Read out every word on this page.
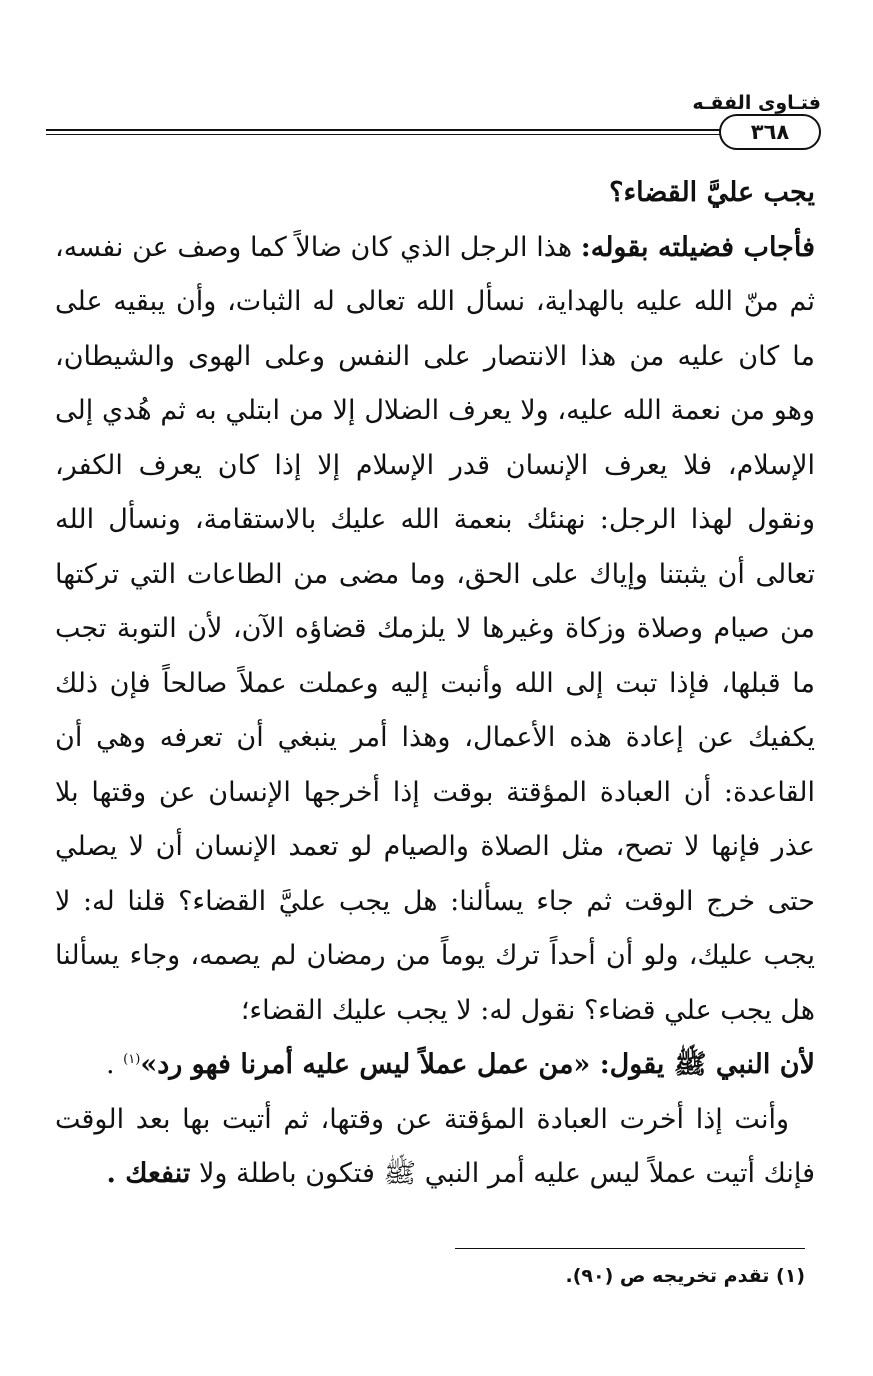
فتـاوى الفقـه
٣٦٨

يجب عليَّ القضاء؟

فأجاب فضيلته بقوله: هذا الرجل الذي كان ضالاً كما وصف عن نفسه، ثم منّ الله عليه بالهداية، نسأل الله تعالى له الثبات، وأن يبقيه على ما كان عليه من هذا الانتصار على النفس وعلى الهوى والشيطان، وهو من نعمة الله عليه، ولا يعرف الضلال إلا من ابتلي به ثم هُدي إلى الإسلام، فلا يعرف الإنسان قدر الإسلام إلا إذا كان يعرف الكفر، ونقول لهذا الرجل: نهنئك بنعمة الله عليك بالاستقامة، ونسأل الله تعالى أن يثبتنا وإياك على الحق، وما مضى من الطاعات التي تركتها من صيام وصلاة وزكاة وغيرها لا يلزمك قضاؤه الآن، لأن التوبة تجب ما قبلها، فإذا تبت إلى الله وأنبت إليه وعملت عملاً صالحاً فإن ذلك يكفيك عن إعادة هذه الأعمال، وهذا أمر ينبغي أن تعرفه وهي أن القاعدة: أن العبادة المؤقتة بوقت إذا أخرجها الإنسان عن وقتها بلا عذر فإنها لا تصح، مثل الصلاة والصيام لو تعمد الإنسان أن لا يصلي حتى خرج الوقت ثم جاء يسألنا: هل يجب عليَّ القضاء؟ قلنا له: لا يجب عليك، ولو أن أحداً ترك يوماً من رمضان لم يصمه، وجاء يسألنا هل يجب علي قضاء؟ نقول له: لا يجب عليك القضاء؛

لأن النبي ﷺ يقول: «من عمل عملاً ليس عليه أمرنا فهو رد»$^{(١)}$ .

وأنت إذا أخرت العبادة المؤقتة عن وقتها، ثم أتيت بها بعد الوقت فإنك أتيت عملاً ليس عليه أمر النبي ﷺ فتكون باطلة ولا تنفعك .

(١) تقدم تخريجه ص (٩٠).
